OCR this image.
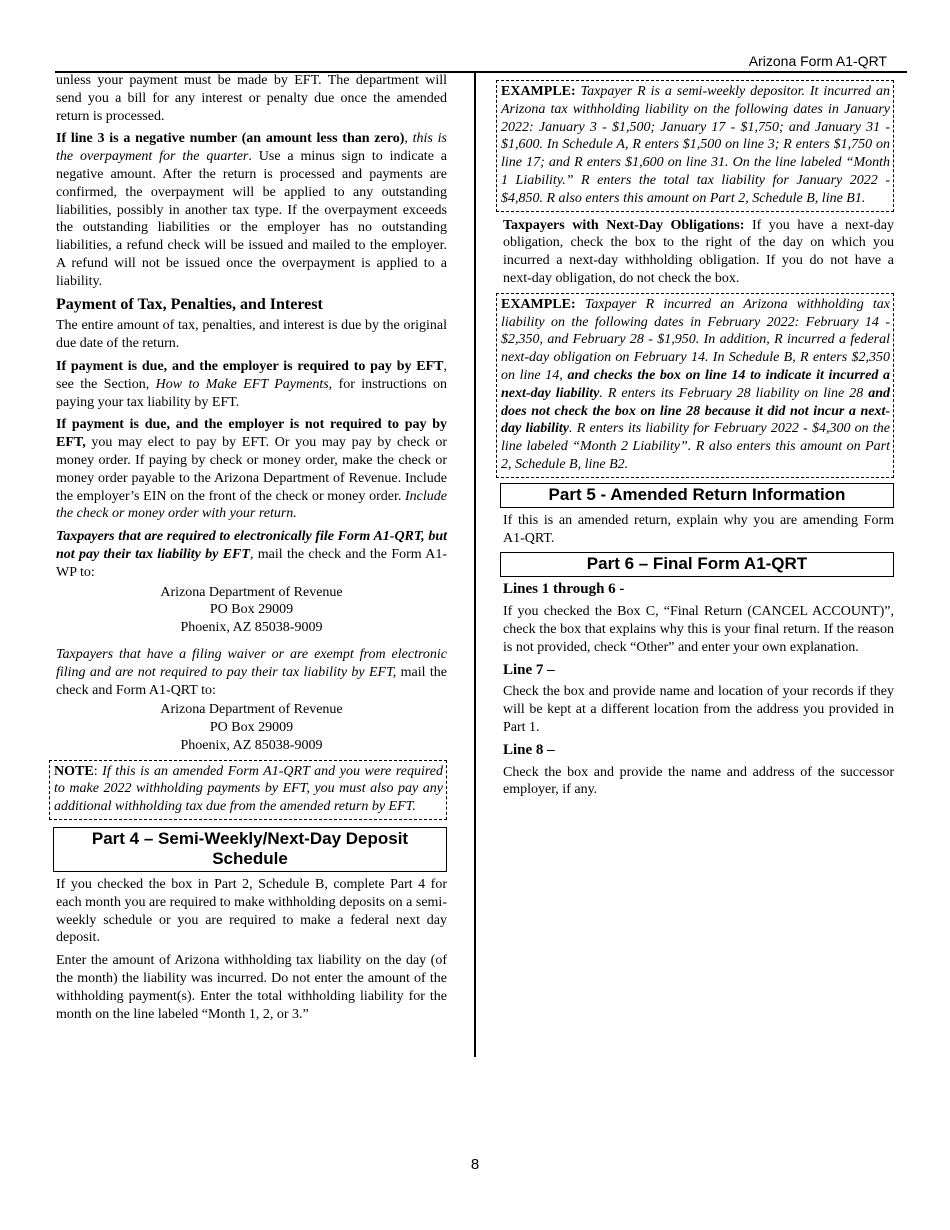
Arizona Form A1-QRT

unless your payment must be made by EFT. The department will send you a bill for any interest or penalty due once the amended return is processed.

If line 3 is a negative number (an amount less than zero), this is the overpayment for the quarter. Use a minus sign to indicate a negative amount. After the return is processed and payments are confirmed, the overpayment will be applied to any outstanding liabilities, possibly in another tax type. If the overpayment exceeds the outstanding liabilities or the employer has no outstanding liabilities, a refund check will be issued and mailed to the employer. A refund will not be issued once the overpayment is applied to a liability.

Payment of Tax, Penalties, and Interest

The entire amount of tax, penalties, and interest is due by the original due date of the return.

If payment is due, and the employer is required to pay by EFT, see the Section, How to Make EFT Payments, for instructions on paying your tax liability by EFT.

If payment is due, and the employer is not required to pay by EFT, you may elect to pay by EFT. Or you may pay by check or money order. If paying by check or money order, make the check or money order payable to the Arizona Department of Revenue. Include the employer’s EIN on the front of the check or money order. Include the check or money order with your return.

Taxpayers that are required to electronically file Form A1-QRT, but not pay their tax liability by EFT, mail the check and the Form A1-WP to:

Arizona Department of Revenue
PO Box 29009
Phoenix, AZ 85038-9009

Taxpayers that have a filing waiver or are exempt from electronic filing and are not required to pay their tax liability by EFT, mail the check and Form A1-QRT to:

Arizona Department of Revenue
PO Box 29009
Phoenix, AZ 85038-9009
NOTE: If this is an amended Form A1-QRT and you were required to make 2022 withholding payments by EFT, you must also pay any additional withholding tax due from the amended return by EFT.
Part 4 – Semi-Weekly/Next-Day Deposit Schedule

If you checked the box in Part 2, Schedule B, complete Part 4 for each month you are required to make withholding deposits on a semi-weekly schedule or you are required to make a federal next day deposit.

Enter the amount of Arizona withholding tax liability on the day (of the month) the liability was incurred. Do not enter the amount of the withholding payment(s). Enter the total withholding liability for the month on the line labeled “Month 1, 2, or 3.”

EXAMPLE: Taxpayer R is a semi-weekly depositor. It incurred an Arizona tax withholding liability on the following dates in January 2022: January 3 - $1,500; January 17 - $1,750; and January 31 - $1,600. In Schedule A, R enters $1,500 on line 3; R enters $1,750 on line 17; and R enters $1,600 on line 31. On the line labeled “Month 1 Liability.” R enters the total tax liability for January 2022 - $4,850. R also enters this amount on Part 2, Schedule B, line B1.

Taxpayers with Next-Day Obligations: If you have a next-day obligation, check the box to the right of the day on which you incurred a next-day withholding obligation. If you do not have a next-day obligation, do not check the box.

EXAMPLE: Taxpayer R incurred an Arizona withholding tax liability on the following dates in February 2022: February 14 - $2,350, and February 28 - $1,950. In addition, R incurred a federal next-day obligation on February 14. In Schedule B, R enters $2,350 on line 14, and checks the box on line 14 to indicate it incurred a next-day liability. R enters its February 28 liability on line 28 and does not check the box on line 28 because it did not incur a next-day liability. R enters its liability for February 2022 - $4,300 on the line labeled “Month 2 Liability”. R also enters this amount on Part 2, Schedule B, line B2.
Part 5 - Amended Return Information

If this is an amended return, explain why you are amending Form A1-QRT.

Part 6 – Final Form A1-QRT
Lines 1 through 6 -

If you checked the Box C, “Final Return (CANCEL ACCOUNT)”, check the box that explains why this is your final return. If the reason is not provided, check “Other” and enter your own explanation.

Line 7 –

Check the box and provide name and location of your records if they will be kept at a different location from the address you provided in Part 1.

Line 8 –

Check the box and provide the name and address of the successor employer, if any.

8
